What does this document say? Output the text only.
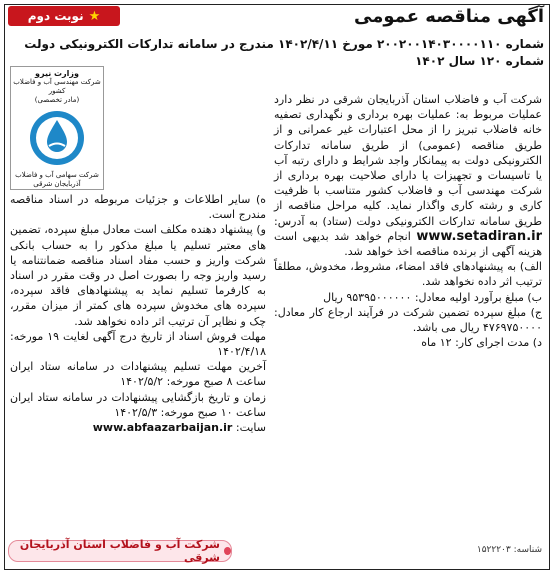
نوبت دوم ★	آگهی مناقصه عمومی
شماره ۲۰۰۲۰۰۱۴۰۳۰۰۰۰۱۱۰ مورخ ۱۴۰۲/۴/۱۱ مندرج در سامانه تدارکات الکترونیکی دولت
شماره ۱۲۰ سال ۱۴۰۲
وزارت نیرو
شرکت مهندسی آب و فاضلاب کشور
(مادر تخصصی)
شرکت سهامی آب و فاضلاب
آذربایجان شرقی

شرکت آب و فاضلاب استان آذربایجان شرقی در نظر دارد عملیات مربوط به: عملیات بهره برداری و نگهداری تصفیه خانه فاضلاب تبریز را از محل اعتبارات غیر عمرانی و از طریق مناقصه (عمومی) از طریق سامانه تدارکات الکترونیکی دولت به پیمانکار واجد شرایط و دارای رتبه آب یا تاسیسات و تجهیزات یا دارای صلاحیت بهره برداری از شرکت مهندسی آب و فاضلاب کشور متناسب با ظرفیت کاری و رشته کاری واگذار نماید. کلیه مراحل مناقصه از طریق سامانه تدارکات الکترونیکی دولت (ستاد) به آدرس: www.setadiran.ir انجام خواهد شد بدیهی است هزینه آگهی از برنده مناقصه اخذ خواهد شد.

الف) به پیشنهادهای فاقد امضاء، مشروط، مخدوش، مطلقاً ترتیب اثر داده نخواهد شد.

ب) مبلغ برآورد اولیه معادل: ۹۵۳۹۵۰۰۰۰۰۰ ریال

ج) مبلغ سپرده تضمین شرکت در فرآیند ارجاع کار معادل: ۴۷۶۹۷۵۰۰۰۰ ریال می باشد.

د) مدت اجرای کار: ۱۲ ماه

ه) سایر اطلاعات و جزئیات مربوطه در اسناد مناقصه مندرج است.

و) پیشنهاد دهنده مکلف است معادل مبلغ سپرده، تضمین های معتبر تسلیم یا مبلغ مذکور را به حساب بانکی شرکت واریز و حسب مفاد اسناد مناقصه ضمانتنامه یا رسید واریز وجه را بصورت اصل در وقت مقرر در اسناد به کارفرما تسلیم نماید به پیشنهادهای فاقد سپرده، سپرده های مخدوش سپرده های کمتر از میزان مقرر، چک و نظایر آن ترتیب اثر داده نخواهد شد.

مهلت فروش اسناد از تاریخ درج آگهی لغایت ۱۹ مورخه: ۱۴۰۲/۴/۱۸

آخرین مهلت تسلیم پیشنهادات در سامانه ستاد ایران ساعت ۸ صبح مورخه: ۱۴۰۲/۵/۲

زمان و تاریخ بازگشایی پیشنهادات در سامانه ستاد ایران ساعت ۱۰ صبح مورخه: ۱۴۰۲/۵/۳

سایت: www.abfaazarbaijan.ir

شرکت آب و فاضلاب استان آذربایجان شرقی
شناسه: ۱۵۲۲۲۰۳
